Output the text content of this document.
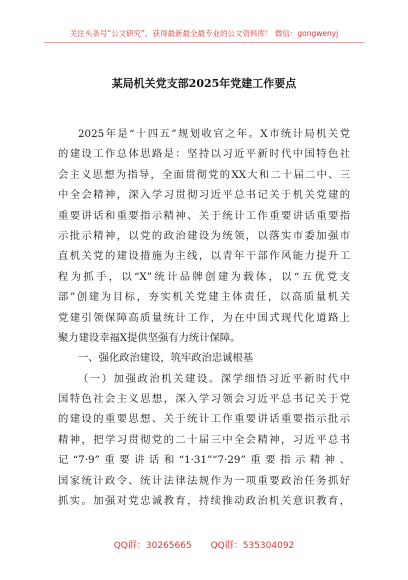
关注头条号“公文研究”，获得最新最全最专业的公文资料库！ 微信：gongwenyj
某局机关党支部2025年党建工作要点
2025年是“十四五”规划收官之年。X市统计局机关党
的建设工作总体思路是：坚持以习近平新时代中国特色社
会主义思想为指导，全面贯彻党的XX大和二十届二中、三
中全会精神，深入学习贯彻习近平总书记关于机关党建的
重要讲话和重要指示精神、关于统计工作重要讲话重要指
示批示精神，以党的政治建设为统领，以落实市委加强市
直机关党的建设措施为主线，以青年干部作风能力提升工
程为抓手，以“X”统计品牌创建为载体，以“五优党支
部”创建为目标，夯实机关党建主体责任，以高质量机关
党建引领保障高质量统计工作，为在中国式现代化道路上
聚力建设幸福X提供坚强有力统计保障。
一、强化政治建设，筑牢政治忠诚根基
（一）加强政治机关建设。深学细悟习近平新时代中
国特色社会主义思想，深入学习领会习近平总书记关于党
的建设的重要思想、关于统计工作重要讲话重要指示批示
精神，把学习贯彻党的二十届三中全会精神，习近平总书
记“7·9”重要讲话和“1·31”“7·29”重要指示精神、
国家统计政令、统计法律法规作为一项重要政治任务抓好
抓实。加强对党忠诚教育，持续推动政治机关意识教育，
QQ群：30265665 QQ群：535304092
